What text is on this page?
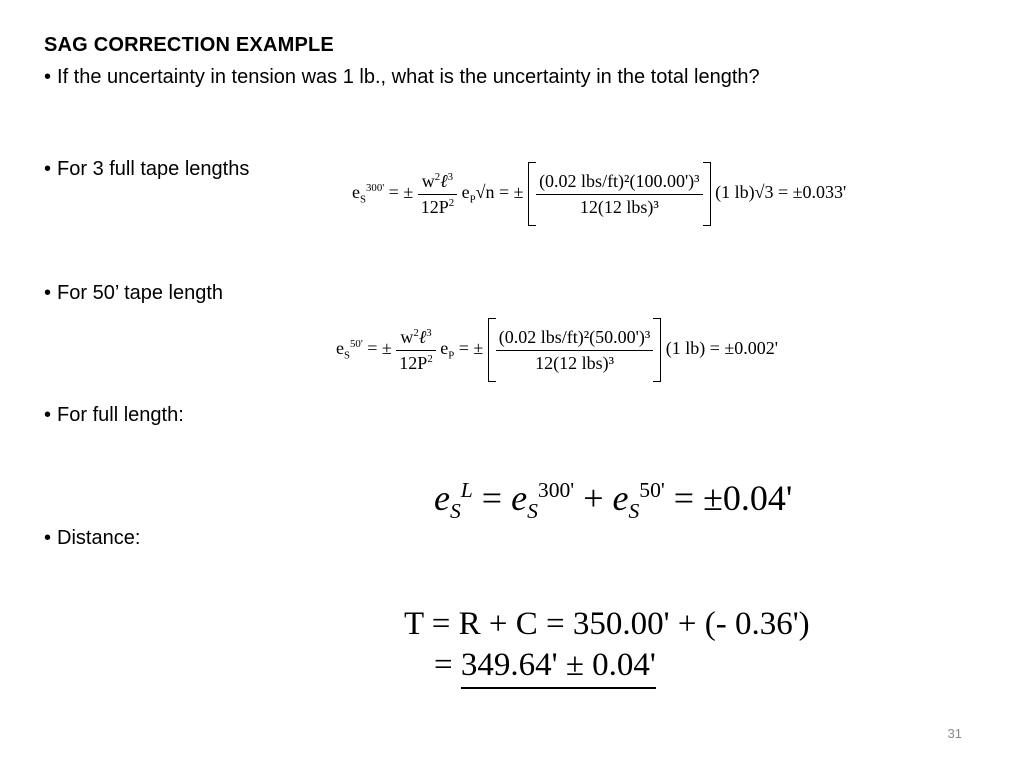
SAG CORRECTION EXAMPLE
• If the uncertainty in tension was 1 lb., what is the uncertainty in the total length?
• For 3 full tape lengths
• For 50’ tape length
• For full length:
• Distance:
$e_S^{300'}$ = ± $\frac{w^2\ell^3}{12P^2} e_P√n$ = ± $\frac{\text{(0.02 lbs/ft)²(100.00')³}}{\text{12(12 lbs)³}} (1$ lb)√3 = ±0.033'
$e_S^{50'}$ = ± $\frac{w^2\ell^3}{12P^2} e_P$ = ± $\frac{\text{(0.02 lbs/ft)²(50.00')³}}{\text{12(12 lbs)³}} (1$ lb) = ±0.002'
$e_S^L = e_S^{300'} + e_S^{50'} = \pm 0.04'$
T = R + C = 350.00' + (- 0.36')
= 349.64' ± 0.04'
31
